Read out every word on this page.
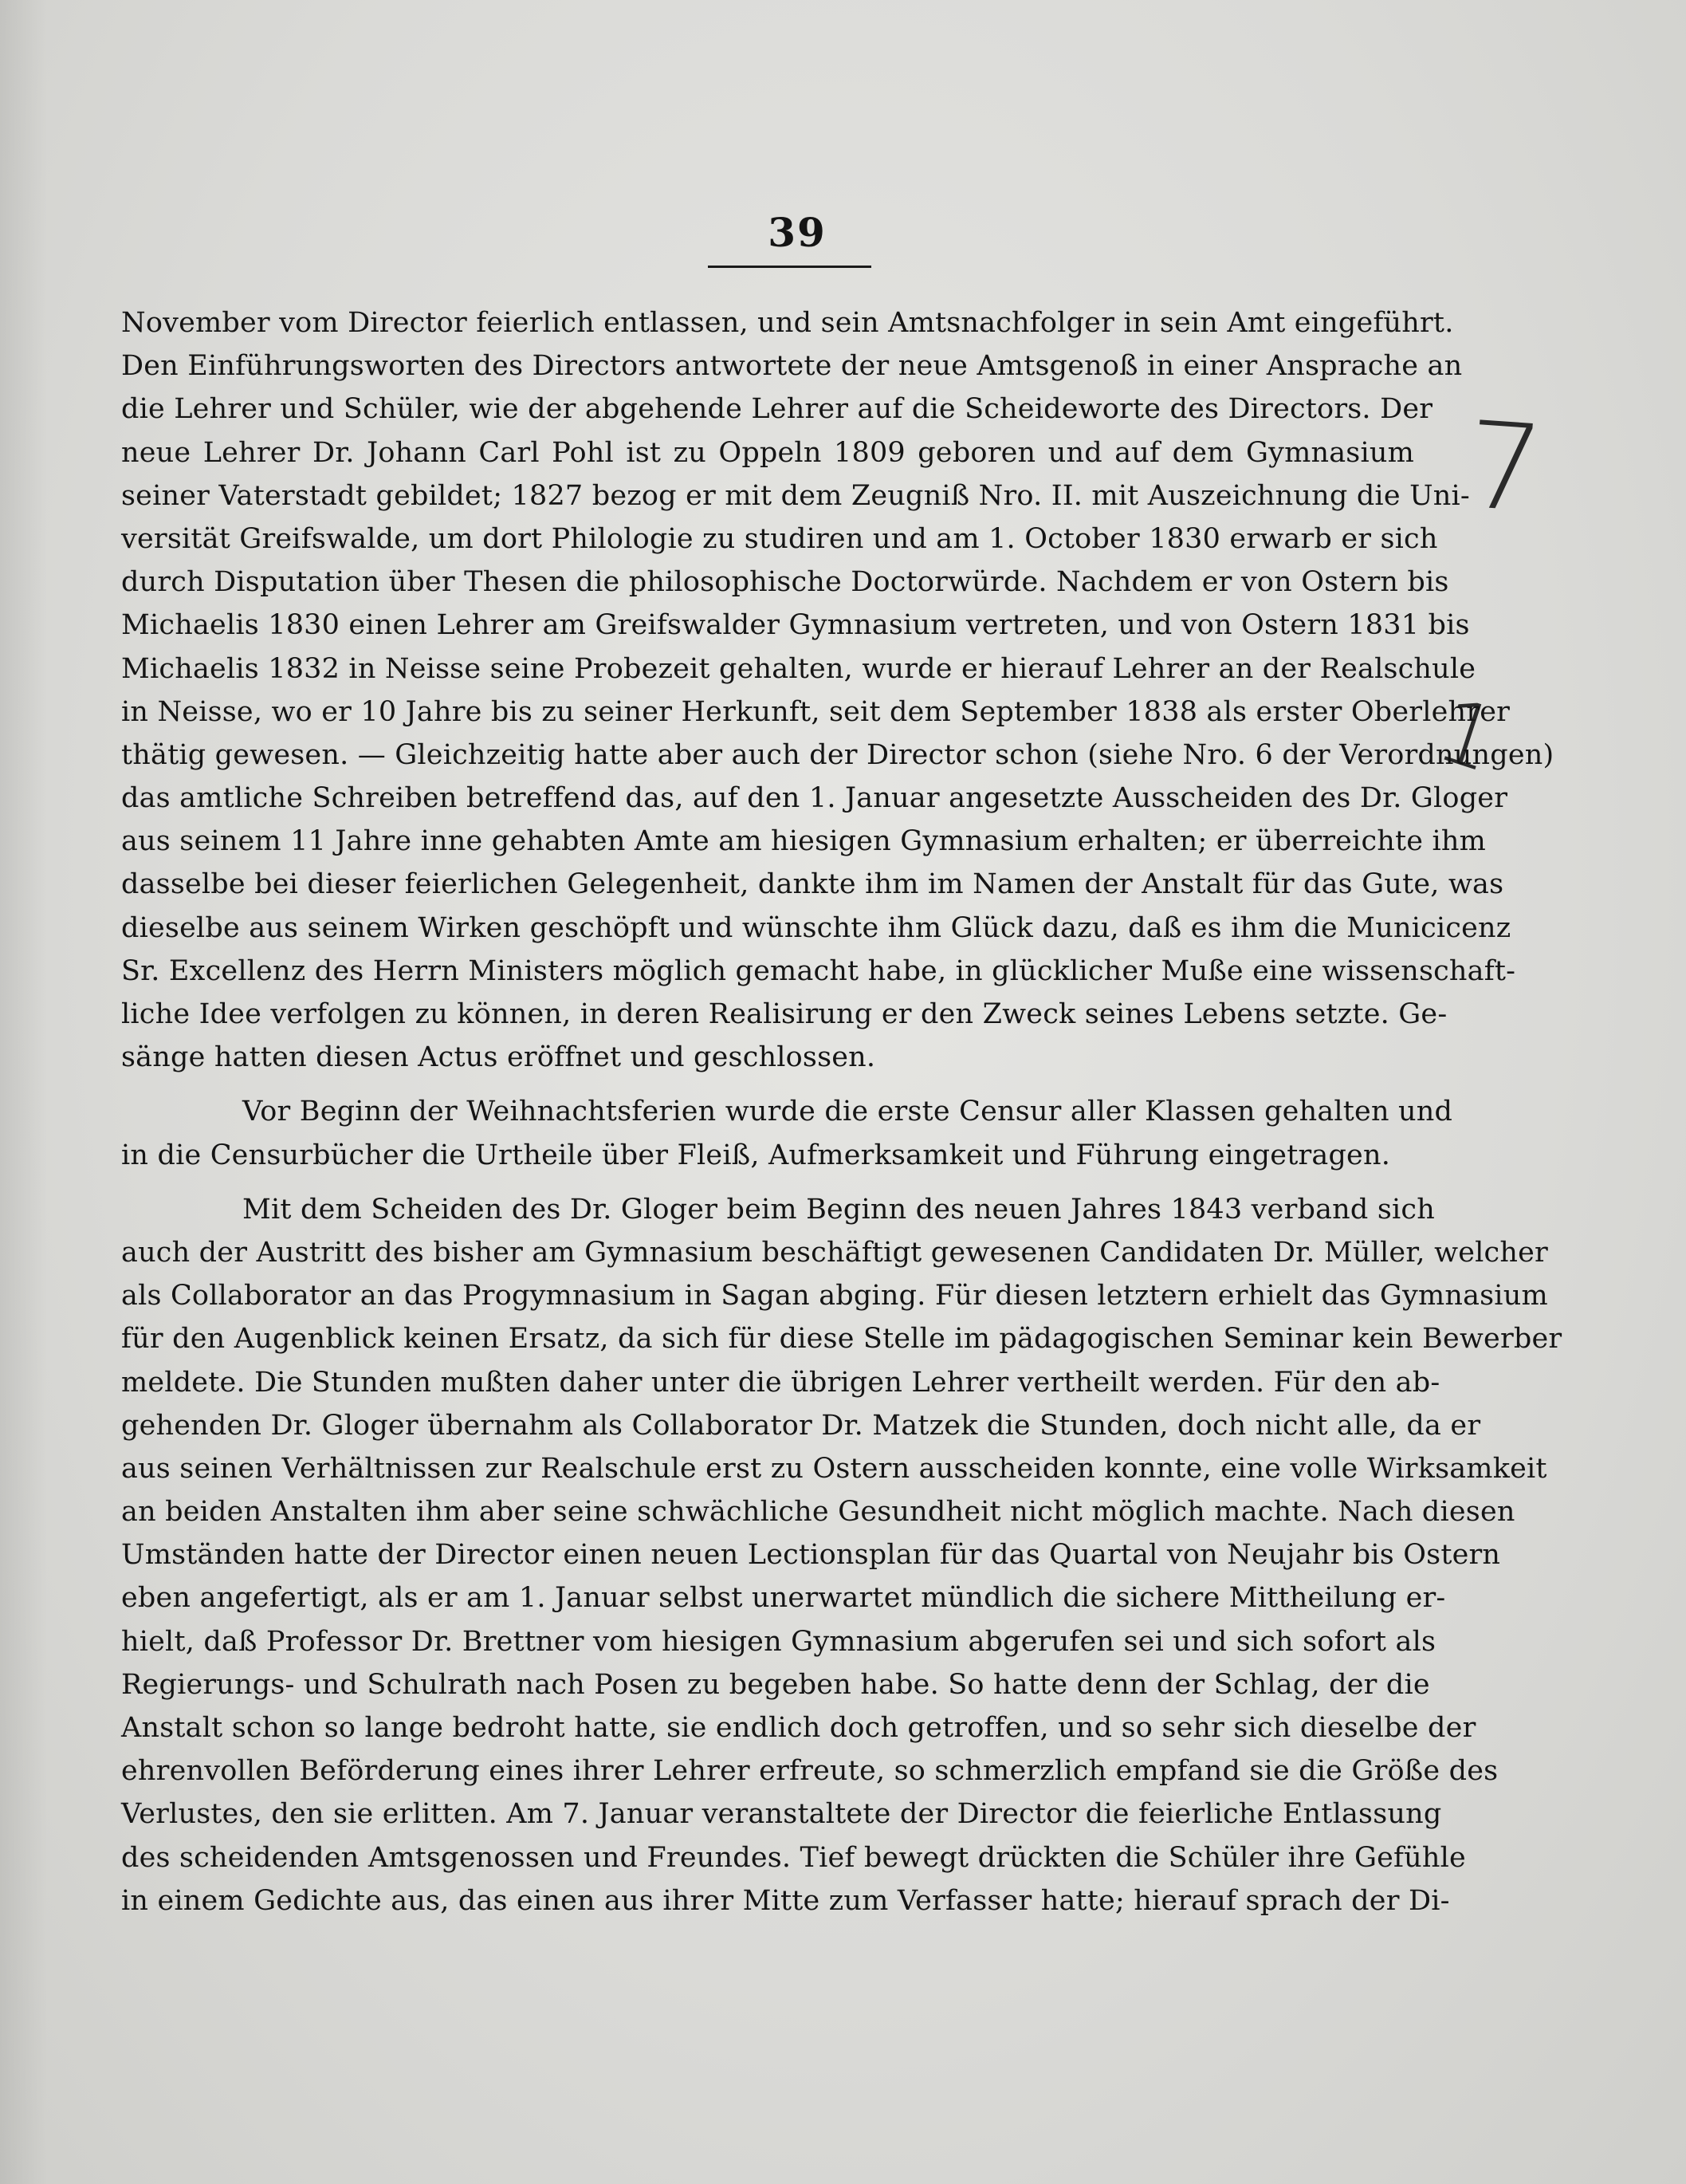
39
7
1
November vom Director feierlich entlassen, und sein Amtsnachfolger in sein Amt eingeführt.
Den Einführungsworten des Directors antwortete der neue Amtsgenoß in einer Ansprache an
die Lehrer und Schüler, wie der abgehende Lehrer auf die Scheideworte des Directors. Der
neue Lehrer Dr. Johann Carl Pohl ist zu Oppeln 1809 geboren und auf dem Gymnasium
seiner Vaterstadt gebildet; 1827 bezog er mit dem Zeugniß Nro. II. mit Auszeichnung die Uni-
versität Greifswalde, um dort Philologie zu studiren und am 1. October 1830 erwarb er sich
durch Disputation über Thesen die philosophische Doctorwürde. Nachdem er von Ostern bis
Michaelis 1830 einen Lehrer am Greifswalder Gymnasium vertreten, und von Ostern 1831 bis
Michaelis 1832 in Neisse seine Probezeit gehalten, wurde er hierauf Lehrer an der Realschule
in Neisse, wo er 10 Jahre bis zu seiner Herkunft, seit dem September 1838 als erster Oberlehrer
thätig gewesen. — Gleichzeitig hatte aber auch der Director schon (siehe Nro. 6 der Verordnungen)
das amtliche Schreiben betreffend das, auf den 1. Januar angesetzte Ausscheiden des Dr. Gloger
aus seinem 11 Jahre inne gehabten Amte am hiesigen Gymnasium erhalten; er überreichte ihm
dasselbe bei dieser feierlichen Gelegenheit, dankte ihm im Namen der Anstalt für das Gute, was
dieselbe aus seinem Wirken geschöpft und wünschte ihm Glück dazu, daß es ihm die Municicenz
Sr. Excellenz des Herrn Ministers möglich gemacht habe, in glücklicher Muße eine wissenschaft-
liche Idee verfolgen zu können, in deren Realisirung er den Zweck seines Lebens setzte. Ge-
sänge hatten diesen Actus eröffnet und geschlossen.
Vor Beginn der Weihnachtsferien wurde die erste Censur aller Klassen gehalten und
in die Censurbücher die Urtheile über Fleiß, Aufmerksamkeit und Führung eingetragen.
Mit dem Scheiden des Dr. Gloger beim Beginn des neuen Jahres 1843 verband sich
auch der Austritt des bisher am Gymnasium beschäftigt gewesenen Candidaten Dr. Müller, welcher
als Collaborator an das Progymnasium in Sagan abging. Für diesen letztern erhielt das Gymnasium
für den Augenblick keinen Ersatz, da sich für diese Stelle im pädagogischen Seminar kein Bewerber
meldete. Die Stunden mußten daher unter die übrigen Lehrer vertheilt werden. Für den ab-
gehenden Dr. Gloger übernahm als Collaborator Dr. Matzek die Stunden, doch nicht alle, da er
aus seinen Verhältnissen zur Realschule erst zu Ostern ausscheiden konnte, eine volle Wirksamkeit
an beiden Anstalten ihm aber seine schwächliche Gesundheit nicht möglich machte. Nach diesen
Umständen hatte der Director einen neuen Lectionsplan für das Quartal von Neujahr bis Ostern
eben angefertigt, als er am 1. Januar selbst unerwartet mündlich die sichere Mittheilung er-
hielt, daß Professor Dr. Brettner vom hiesigen Gymnasium abgerufen sei und sich sofort als
Regierungs- und Schulrath nach Posen zu begeben habe. So hatte denn der Schlag, der die
Anstalt schon so lange bedroht hatte, sie endlich doch getroffen, und so sehr sich dieselbe der
ehrenvollen Beförderung eines ihrer Lehrer erfreute, so schmerzlich empfand sie die Größe des
Verlustes, den sie erlitten. Am 7. Januar veranstaltete der Director die feierliche Entlassung
des scheidenden Amtsgenossen und Freundes. Tief bewegt drückten die Schüler ihre Gefühle
in einem Gedichte aus, das einen aus ihrer Mitte zum Verfasser hatte; hierauf sprach der Di-
